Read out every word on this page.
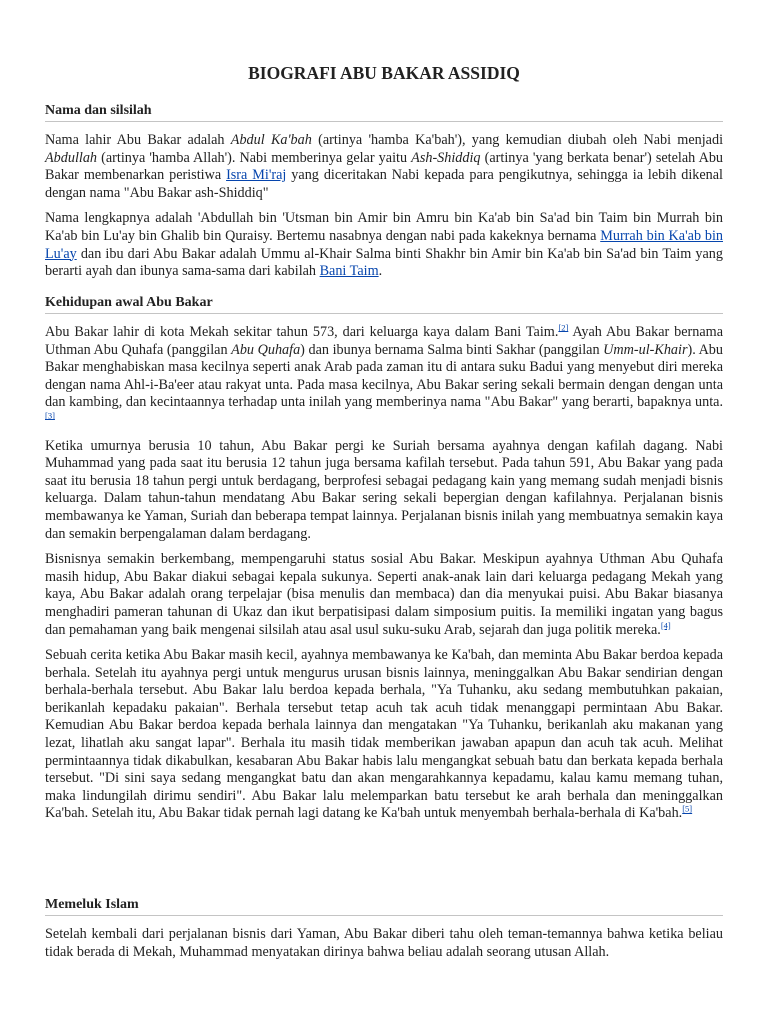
BIOGRAFI ABU BAKAR ASSIDIQ
Nama dan silsilah

Nama lahir Abu Bakar adalah Abdul Ka'bah (artinya 'hamba Ka'bah'), yang kemudian diubah oleh Nabi menjadi Abdullah (artinya 'hamba Allah'). Nabi memberinya gelar yaitu Ash-Shiddiq (artinya 'yang berkata benar') setelah Abu Bakar membenarkan peristiwa Isra Mi'raj yang diceritakan Nabi kepada para pengikutnya, sehingga ia lebih dikenal dengan nama "Abu Bakar ash-Shiddiq"

Nama lengkapnya adalah 'Abdullah bin 'Utsman bin Amir bin Amru bin Ka'ab bin Sa'ad bin Taim bin Murrah bin Ka'ab bin Lu'ay bin Ghalib bin Quraisy. Bertemu nasabnya dengan nabi pada kakeknya bernama Murrah bin Ka'ab bin Lu'ay dan ibu dari Abu Bakar adalah Ummu al-Khair Salma binti Shakhr bin Amir bin Ka'ab bin Sa'ad bin Taim yang berarti ayah dan ibunya sama-sama dari kabilah Bani Taim.

Kehidupan awal Abu Bakar

Abu Bakar lahir di kota Mekah sekitar tahun 573, dari keluarga kaya dalam Bani Taim.[2] Ayah Abu Bakar bernama Uthman Abu Quhafa (panggilan Abu Quhafa) dan ibunya bernama Salma binti Sakhar (panggilan Umm-ul-Khair). Abu Bakar menghabiskan masa kecilnya seperti anak Arab pada zaman itu di antara suku Badui yang menyebut diri mereka dengan nama Ahl-i-Ba'eer atau rakyat unta. Pada masa kecilnya, Abu Bakar sering sekali bermain dengan dengan unta dan kambing, dan kecintaannya terhadap unta inilah yang memberinya nama "Abu Bakar" yang berarti, bapaknya unta.[3]

Ketika umurnya berusia 10 tahun, Abu Bakar pergi ke Suriah bersama ayahnya dengan kafilah dagang. Nabi Muhammad yang pada saat itu berusia 12 tahun juga bersama kafilah tersebut. Pada tahun 591, Abu Bakar yang pada saat itu berusia 18 tahun pergi untuk berdagang, berprofesi sebagai pedagang kain yang memang sudah menjadi bisnis keluarga. Dalam tahun-tahun mendatang Abu Bakar sering sekali bepergian dengan kafilahnya. Perjalanan bisnis membawanya ke Yaman, Suriah dan beberapa tempat lainnya. Perjalanan bisnis inilah yang membuatnya semakin kaya dan semakin berpengalaman dalam berdagang.

Bisnisnya semakin berkembang, mempengaruhi status sosial Abu Bakar. Meskipun ayahnya Uthman Abu Quhafa masih hidup, Abu Bakar diakui sebagai kepala sukunya. Seperti anak-anak lain dari keluarga pedagang Mekah yang kaya, Abu Bakar adalah orang terpelajar (bisa menulis dan membaca) dan dia menyukai puisi. Abu Bakar biasanya menghadiri pameran tahunan di Ukaz dan ikut berpatisipasi dalam simposium puitis. Ia memiliki ingatan yang bagus dan pemahaman yang baik mengenai silsilah atau asal usul suku-suku Arab, sejarah dan juga politik mereka.[4]

Sebuah cerita ketika Abu Bakar masih kecil, ayahnya membawanya ke Ka'bah, dan meminta Abu Bakar berdoa kepada berhala. Setelah itu ayahnya pergi untuk mengurus urusan bisnis lainnya, meninggalkan Abu Bakar sendirian dengan berhala-berhala tersebut. Abu Bakar lalu berdoa kepada berhala, "Ya Tuhanku, aku sedang membutuhkan pakaian, berikanlah kepadaku pakaian". Berhala tersebut tetap acuh tak acuh tidak menanggapi permintaan Abu Bakar. Kemudian Abu Bakar berdoa kepada berhala lainnya dan mengatakan "Ya Tuhanku, berikanlah aku makanan yang lezat, lihatlah aku sangat lapar". Berhala itu masih tidak memberikan jawaban apapun dan acuh tak acuh. Melihat permintaannya tidak dikabulkan, kesabaran Abu Bakar habis lalu mengangkat sebuah batu dan berkata kepada berhala tersebut. "Di sini saya sedang mengangkat batu dan akan mengarahkannya kepadamu, kalau kamu memang tuhan, maka lindungilah dirimu sendiri". Abu Bakar lalu melemparkan batu tersebut ke arah berhala dan meninggalkan Ka'bah. Setelah itu, Abu Bakar tidak pernah lagi datang ke Ka'bah untuk menyembah berhala-berhala di Ka'bah.[5]

Memeluk Islam

Setelah kembali dari perjalanan bisnis dari Yaman, Abu Bakar diberi tahu oleh teman-temannya bahwa ketika beliau tidak berada di Mekah, Muhammad menyatakan dirinya bahwa beliau adalah seorang utusan Allah.
